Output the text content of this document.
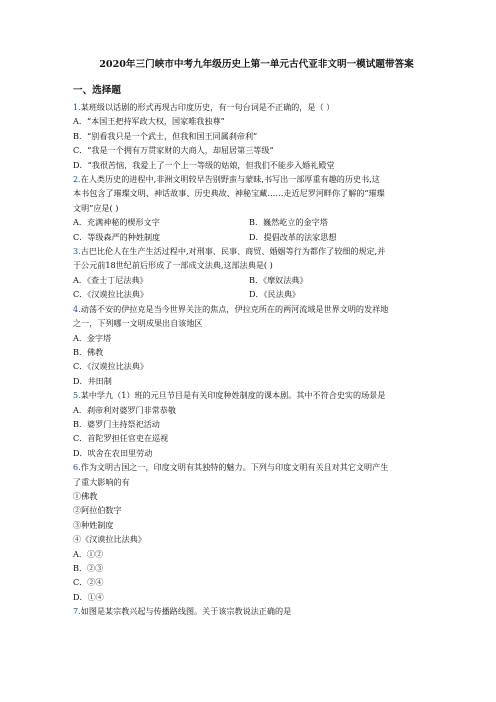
2020年三门峡市中考九年级历史上第一单元古代亚非文明一模试题带答案
一、选择题

1.某班级以话剧的形式再现古印度历史，有一句台词是不正确的，是（ ）

A．“本国王把持军政大权，国家唯我独尊”

B．“别看我只是一个武士，但我和国王同属刹帝利”

C．“我是一个拥有万贯家财的大商人，却屈居第三等级”

D．“我很苦恼，我爱上了一个上一等级的姑娘，但我们不能步入婚礼殿堂

2.在人类历史的进程中,非洲文明较早告别野蛮与蒙昧,书写出一部厚重有趣的历史书,这

本书包含了璀璨文明、神话故事、历史典故、神秘宝藏……走近尼罗河畔你了解的“璀璨

文明”应是( )

A．充满神秘的楔形文字	B．巍然屹立的金字塔
C．等级森严的种姓制度	D．提倡改革的法家思想

3.古巴比伦人在生产生活过程中,对刑事、民事、商贸、婚姻等行为都作了较细的规定,并

于公元前18世纪前后形成了一部成文法典,这部法典是( )

A．《查士丁尼法典》	B．《摩奴法典》
C．《汉谟拉比法典》	D．《民法典》

4.动荡不安的伊拉克是当今世界关注的焦点，伊拉克所在的两河流域是世界文明的发祥地

之一，下列哪一文明成果出自该地区

A．金字塔

B．佛教

C．《汉谟拉比法典》

D．井田制

5.某中学九（1）班的元旦节目是有关印度种姓制度的课本剧。其中不符合史实的场景是

A．刹帝利对婆罗门非常恭敬

B．婆罗门主持祭祀活动

C．首陀罗担任官吏在巡视

D．吠舍在农田里劳动

6.作为文明古国之一，印度文明有其独特的魅力。下列与印度文明有关且对其它文明产生

了重大影响的有

①佛教

②阿拉伯数字

③种姓制度

④《汉谟拉比法典》

A．①②

B．②③

C．②④

D．①④

7.如图是某宗教兴起与传播路线图。关于该宗教说法正确的是
